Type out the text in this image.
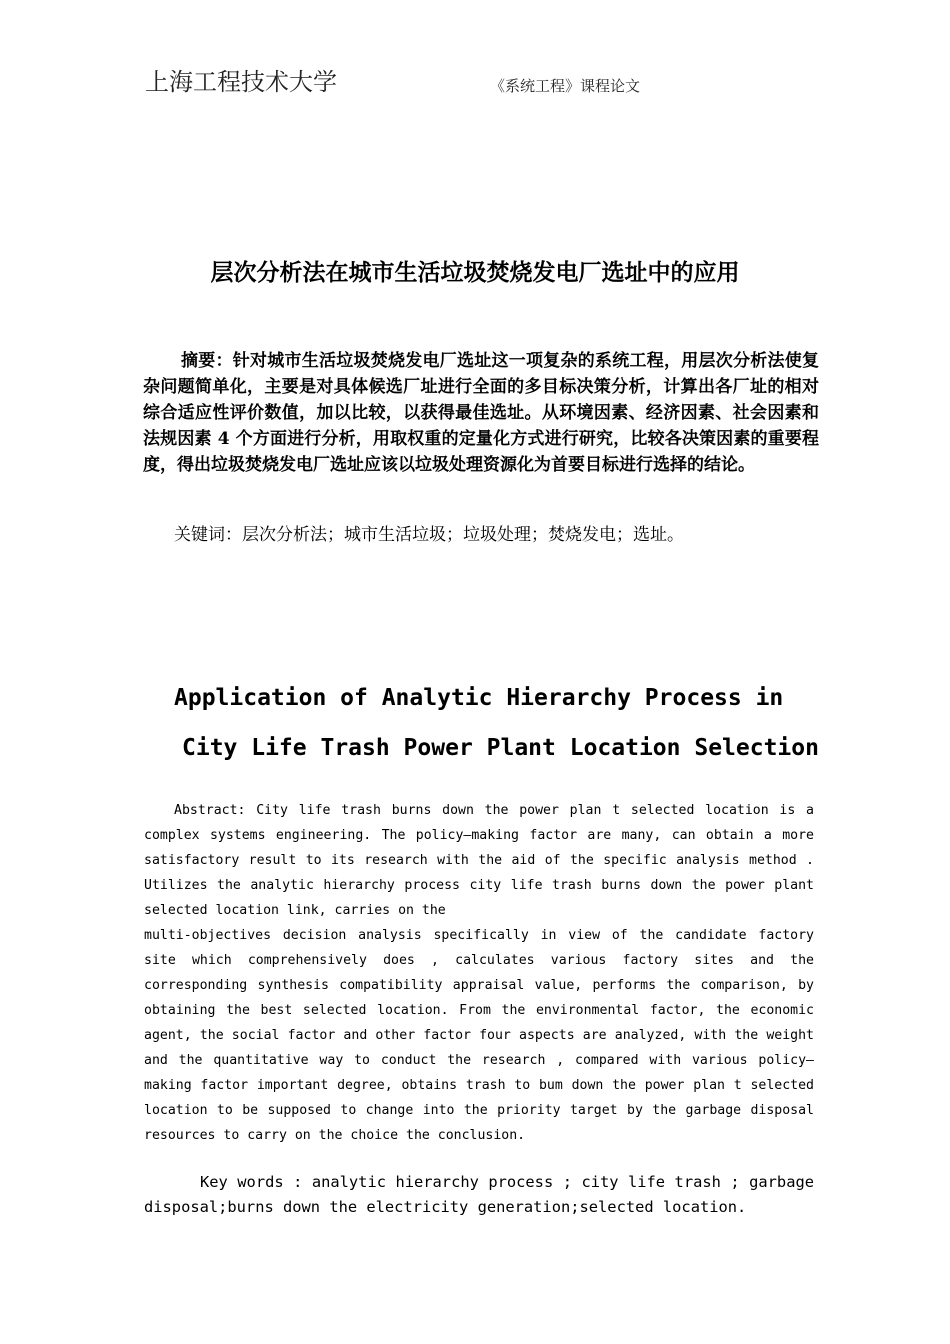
上海工程技术大学	《系统工程》课程论文
层次分析法在城市生活垃圾焚烧发电厂选址中的应用
摘要：针对城市生活垃圾焚烧发电厂选址这一项复杂的系统工程，用层次分析法使复杂问题简单化，主要是对具体候选厂址进行全面的多目标决策分析，计算出各厂址的相对综合适应性评价数值，加以比较，以获得最佳选址。从环境因素、经济因素、社会因素和法规因素 4 个方面进行分析，用取权重的定量化方式进行研究，比较各决策因素的重要程度，得出垃圾焚烧发电厂选址应该以垃圾处理资源化为首要目标进行选择的结论。
关键词：层次分析法；城市生活垃圾；垃圾处理；焚烧发电；选址。
Application of Analytic Hierarchy Process in
City Life Trash Power Plant Location Selection

Abstract: City life trash burns down the power plan t selected location is a complex systems engineering. The policy—making factor are many, can obtain a more satisfactory result to its research with the aid of the specific analysis method . Utilizes the analytic hierarchy process city life trash burns down the power plant selected location link, carries on the

multi-objectives decision analysis specifically in view of the candidate factory site which comprehensively does , calculates various factory sites and the corresponding synthesis compatibility appraisal value, performs the comparison, by obtaining the best selected location. From the environmental factor, the economic agent, the social factor and other factor four aspects are analyzed, with the weight and the quantitative way to conduct the research , compared with various policy—making factor important degree, obtains trash to bum down the power plan t selected location to be supposed to change into the priority target by the garbage disposal resources to carry on the choice the conclusion.

Key words : analytic hierarchy process ; city life trash ; garbage disposal;burns down the electricity generation;selected location.
